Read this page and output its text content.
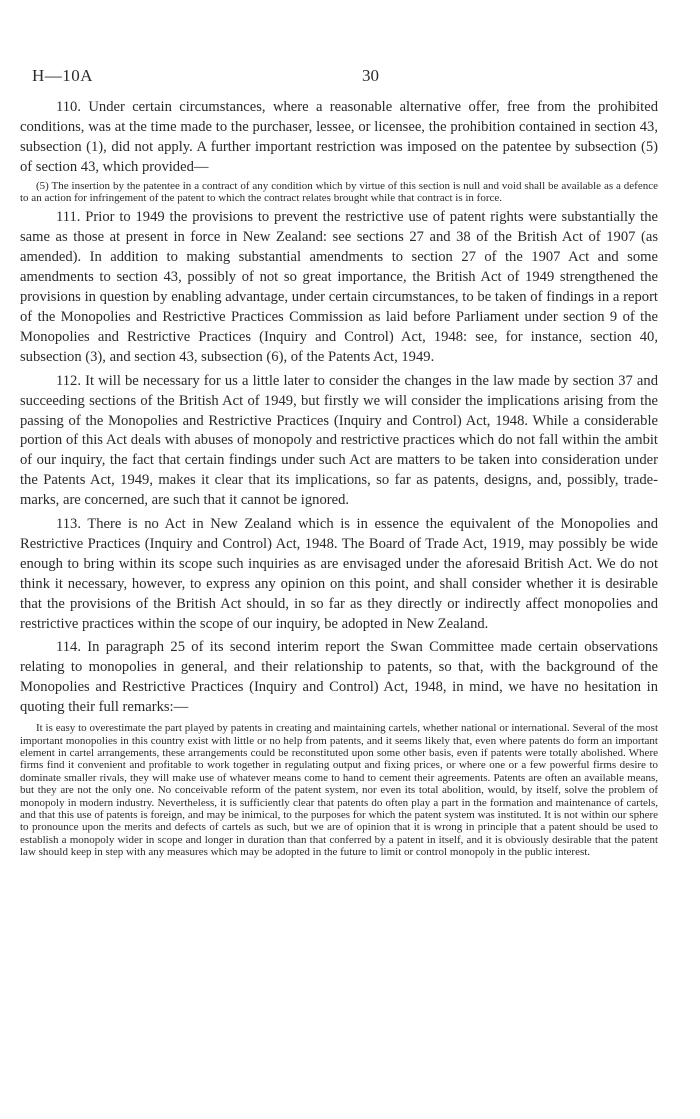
H—10A	30

110. Under certain circumstances, where a reasonable alternative offer, free from the prohibited conditions, was at the time made to the purchaser, lessee, or licensee, the prohibition contained in section 43, subsection (1), did not apply. A further important restriction was imposed on the patentee by subsection (5) of section 43, which provided—

(5) The insertion by the patentee in a contract of any condition which by virtue of this section is null and void shall be available as a defence to an action for infringement of the patent to which the contract relates brought while that contract is in force.

111. Prior to 1949 the provisions to prevent the restrictive use of patent rights were substantially the same as those at present in force in New Zealand: see sections 27 and 38 of the British Act of 1907 (as amended). In addition to making substantial amendments to section 27 of the 1907 Act and some amendments to section 43, possibly of not so great importance, the British Act of 1949 strengthened the provisions in question by enabling advantage, under certain circumstances, to be taken of findings in a report of the Monopolies and Restrictive Practices Commission as laid before Parliament under section 9 of the Monopolies and Restrictive Practices (Inquiry and Control) Act, 1948: see, for instance, section 40, subsection (3), and section 43, subsection (6), of the Patents Act, 1949.

112. It will be necessary for us a little later to consider the changes in the law made by section 37 and succeeding sections of the British Act of 1949, but firstly we will consider the implications arising from the passing of the Monopolies and Restrictive Practices (Inquiry and Control) Act, 1948. While a considerable portion of this Act deals with abuses of monopoly and restrictive practices which do not fall within the ambit of our inquiry, the fact that certain findings under such Act are matters to be taken into consideration under the Patents Act, 1949, makes it clear that its implications, so far as patents, designs, and, possibly, trade-marks, are concerned, are such that it cannot be ignored.

113. There is no Act in New Zealand which is in essence the equivalent of the Monopolies and Restrictive Practices (Inquiry and Control) Act, 1948. The Board of Trade Act, 1919, may possibly be wide enough to bring within its scope such inquiries as are envisaged under the aforesaid British Act. We do not think it necessary, however, to express any opinion on this point, and shall consider whether it is desirable that the provisions of the British Act should, in so far as they directly or indirectly affect monopolies and restrictive practices within the scope of our inquiry, be adopted in New Zealand.

114. In paragraph 25 of its second interim report the Swan Committee made certain observations relating to monopolies in general, and their relationship to patents, so that, with the background of the Monopolies and Restrictive Practices (Inquiry and Control) Act, 1948, in mind, we have no hesitation in quoting their full remarks:—

It is easy to overestimate the part played by patents in creating and maintaining cartels, whether national or international. Several of the most important monopolies in this country exist with little or no help from patents, and it seems likely that, even where patents do form an important element in cartel arrangements, these arrangements could be reconstituted upon some other basis, even if patents were totally abolished. Where firms find it convenient and profitable to work together in regulating output and fixing prices, or where one or a few powerful firms desire to dominate smaller rivals, they will make use of whatever means come to hand to cement their agreements. Patents are often an available means, but they are not the only one. No conceivable reform of the patent system, nor even its total abolition, would, by itself, solve the problem of monopoly in modern industry. Nevertheless, it is sufficiently clear that patents do often play a part in the formation and maintenance of cartels, and that this use of patents is foreign, and may be inimical, to the purposes for which the patent system was instituted. It is not within our sphere to pronounce upon the merits and defects of cartels as such, but we are of opinion that it is wrong in principle that a patent should be used to establish a monopoly wider in scope and longer in duration than that conferred by a patent in itself, and it is obviously desirable that the patent law should keep in step with any measures which may be adopted in the future to limit or control monopoly in the public interest.
